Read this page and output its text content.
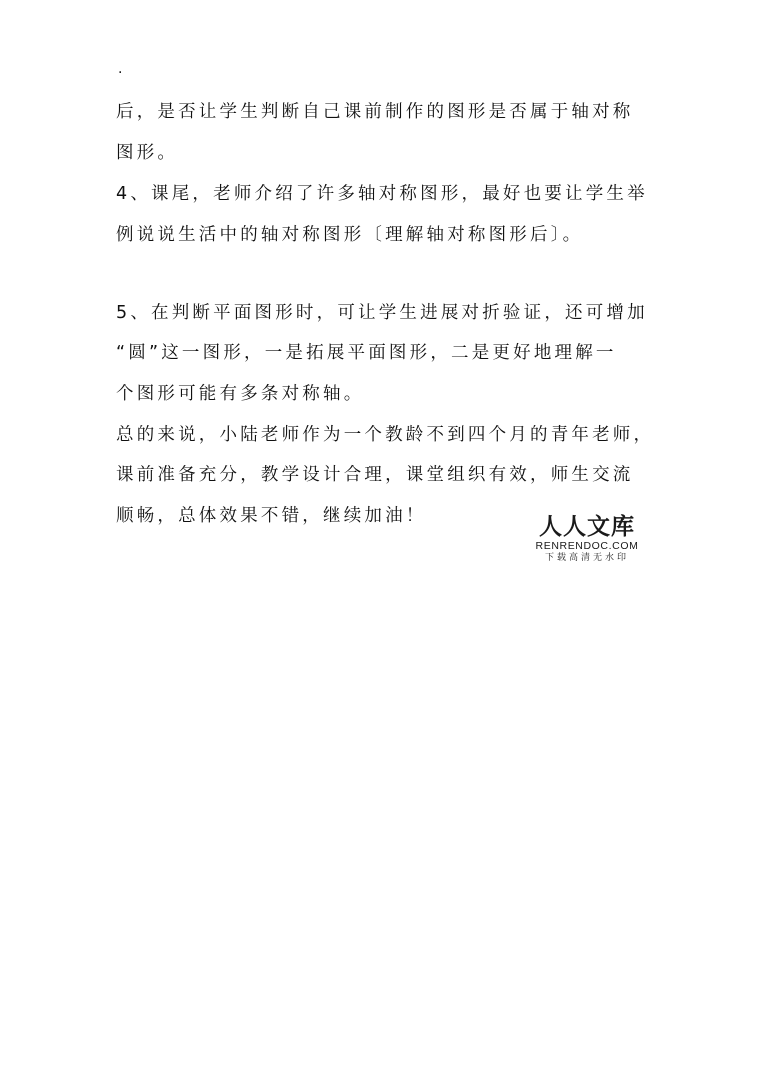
.
后，是否让学生判断自己课前制作的图形是否属于轴对称
图形。
4、课尾，老师介绍了许多轴对称图形，最好也要让学生举
例说说生活中的轴对称图形〔理解轴对称图形后〕。
5、在判断平面图形时，可让学生进展对折验证，还可增加
“圆”这一图形，一是拓展平面图形，二是更好地理解一
个图形可能有多条对称轴。
总的来说，小陆老师作为一个教龄不到四个月的青年老师，
课前准备充分，教学设计合理，课堂组织有效，师生交流
顺畅，总体效果不错，继续加油！	人人文库
RENRENDOC.COM
下载高清无水印
